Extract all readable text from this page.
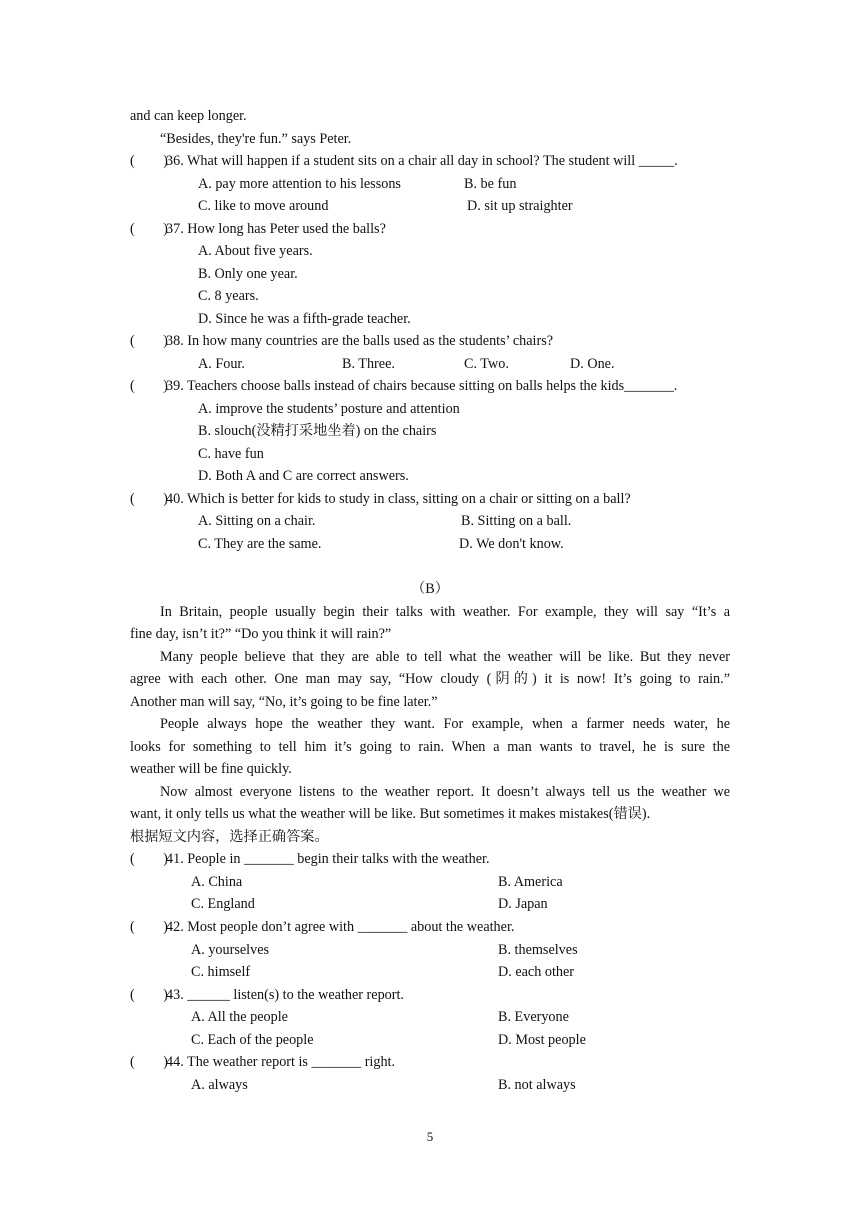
and can keep longer.
“Besides, they're fun.” says Peter.
(        )
36. What will happen if a student sits on a chair all day in school? The student will _____.
A. pay more attention to his lessons	B. be fun
C. like to move around	D. sit up straighter
(        )
37. How long has Peter used the balls?
A. About five years.
B. Only one year.
C. 8 years.
D. Since he was a fifth-grade teacher.
(        )
38. In how many countries are the balls used as the students’ chairs?
A. Four.	B. Three.	C. Two.	D. One.
(        )
39. Teachers choose balls instead of chairs because sitting on balls helps the kids_______.
A. improve the students’ posture and attention
B. slouch(没精打采地坐着) on the chairs
C. have fun
D. Both A and C are correct answers.
(        )
40. Which is better for kids to study in class, sitting on a chair or sitting on a ball?
A. Sitting on a chair.	B. Sitting on a ball.
C. They are the same.	D. We don't know.
（B）
In Britain, people usually begin their talks with weather. For example, they will say “It’s a
fine day, isn’t it?” “Do you think it will rain?”
Many people believe that they are able to tell what the weather will be like. But they never
agree with each other. One man may say, “How cloudy (阴的) it is now! It’s going to rain.”
Another man will say, “No, it’s going to be fine later.”
People always hope the weather they want. For example, when a farmer needs water, he
looks for something to tell him it’s going to rain. When a man wants to travel, he is sure the
weather will be fine quickly.
Now almost everyone listens to the weather report. It doesn’t always tell us the weather we
want, it only tells us what the weather will be like. But sometimes it makes mistakes(错误).
根据短文内容，选择正确答案。
(        )
41. People in _______ begin their talks with the weather.
A. China	B. America
C. England	D. Japan
(        )
42. Most people don’t agree with _______ about the weather.
A. yourselves	B. themselves
C. himself	D. each other
(        )
43. ______ listen(s) to the weather report.
A. All the people	B. Everyone
C. Each of the people	D. Most people
(        )
44. The weather report is _______ right.
A. always	B. not always
5
